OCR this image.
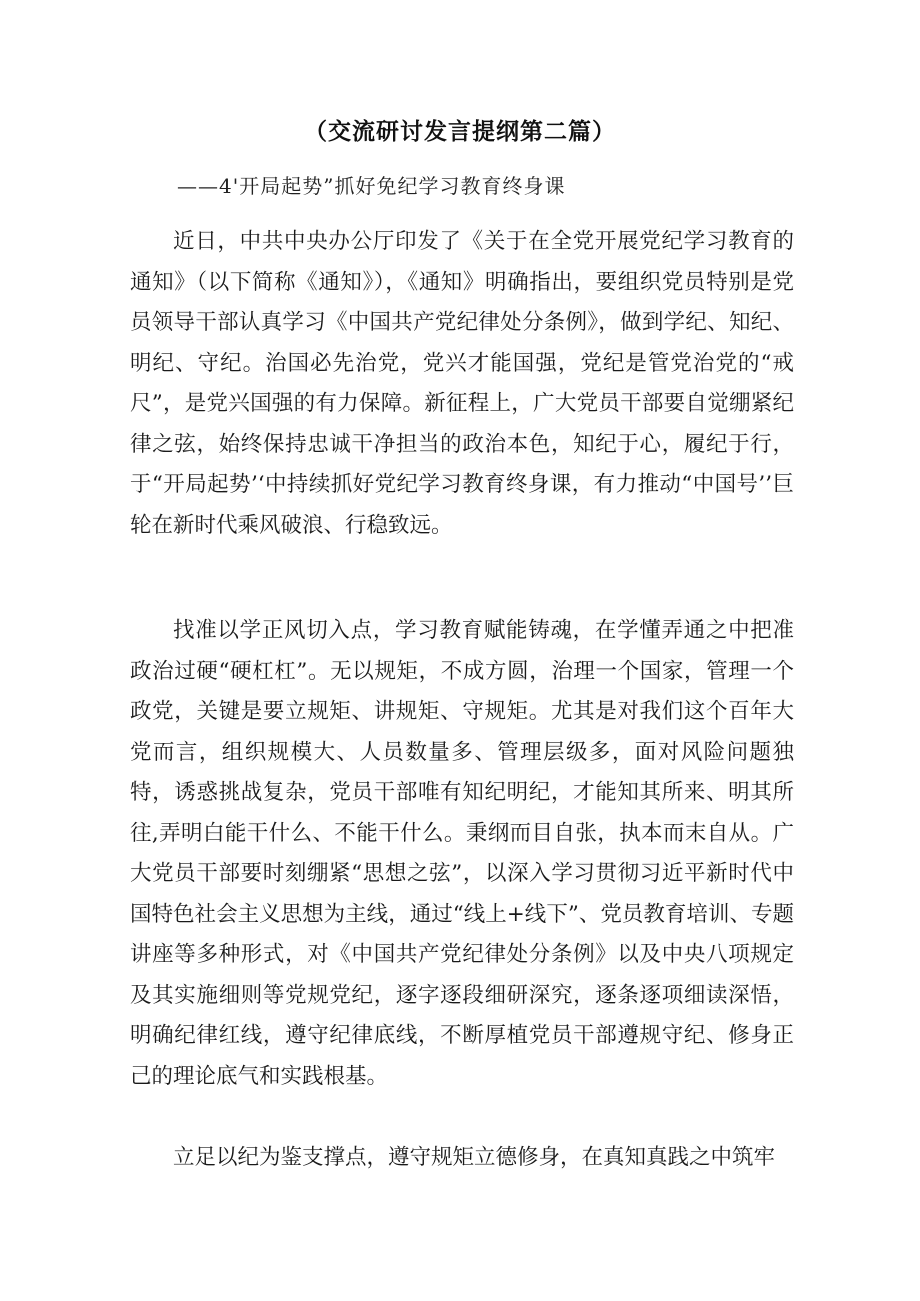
（交流研讨发言提纲第二篇）
——4'开局起势”抓好免纪学习教育终身课

近日，中共中央办公厅印发了《关于在全党开展党纪学习教育的通知》（以下简称《通知》），《通知》明确指出，要组织党员特别是党员领导干部认真学习《中国共产党纪律处分条例》，做到学纪、知纪、明纪、守纪。治国必先治党，党兴才能国强，党纪是管党治党的“戒尺”，是党兴国强的有力保障。新征程上，广大党员干部要自觉绷紧纪律之弦，始终保持忠诚干净担当的政治本色，知纪于心，履纪于行，于“开局起势’‘中持续抓好党纪学习教育终身课，有力推动“中国号’’巨轮在新时代乘风破浪、行稳致远。

找准以学正风切入点，学习教育赋能铸魂，在学懂弄通之中把准政治过硬“硬杠杠”。无以规矩，不成方圆，治理一个国家，管理一个政党，关键是要立规矩、讲规矩、守规矩。尤其是对我们这个百年大党而言，组织规模大、人员数量多、管理层级多，面对风险问题独特，诱惑挑战复杂，党员干部唯有知纪明纪，才能知其所来、明其所往,弄明白能干什么、不能干什么。秉纲而目自张，执本而末自从。广大党员干部要时刻绷紧“思想之弦”，以深入学习贯彻习近平新时代中国特色社会主义思想为主线，通过“线上+线下”、党员教育培训、专题讲座等多种形式，对《中国共产党纪律处分条例》以及中央八项规定及其实施细则等党规党纪，逐字逐段细研深究，逐条逐项细读深悟，明确纪律红线，遵守纪律底线，不断厚植党员干部遵规守纪、修身正己的理论底气和实践根基。

立足以纪为鉴支撑点，遵守规矩立德修身，在真知真践之中筑牢
